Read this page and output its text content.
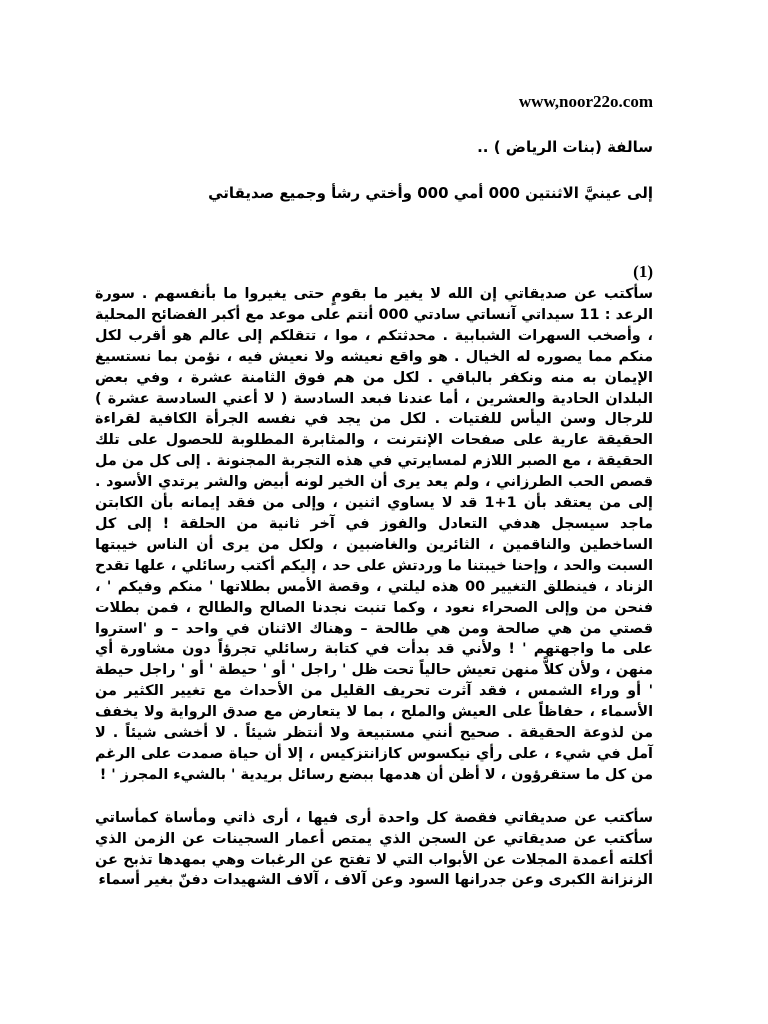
www,noor22o.com

سالفة (بنات الرياض ) ..

إلى عينيَّ الاثنتين 000 أمي 000 وأختي رشأ وجميع صديقاتي

(1)

سأكتب عن صديقاتي إن الله لا يغير ما بقومٍ حتى يغيروا ما بأنفسهم . سورة الرعد : 11 سيداتي آنساتي سادتي 000 أنتم على موعد مع أكبر الفضائح المحلية ، وأصخب السهرات الشبابية . محدثتكم ، موا ، تتقلكم إلى عالم هو أقرب لكل منكم مما يصوره له الخيال . هو واقع نعيشه ولا نعيش فيه ، نؤمن بما نستسيغ الإيمان به منه ونكفر بالباقي . لكل من هم فوق الثامنة عشرة ، وفي بعض البلدان الحادية والعشرين ، أما عندنا فبعد السادسة ( لا أعني السادسة عشرة ) للرجال وسن اليأس للفتيات . لكل من يجد في نفسه الجرأة الكافية لقراءة الحقيقة عارية على صفحات الإنترنت ، والمثابرة المطلوبة للحصول على تلك الحقيقة ، مع الصبر اللازم لمسايرتي في هذه التجربة المجنونة . إلى كل من مل قصص الحب الطرزاني ، ولم يعد يرى أن الخير لونه أبيض والشر يرتدي الأسود . إلى من يعتقد بأن 1+1 قد لا يساوي اثنين ، وإلى من فقد إيمانه بأن الكابتن ماجد سيسجل هدفي التعادل والفوز في آخر ثانية من الحلقة ! إلى كل الساخطين والناقمين ، الثائرين والغاضبين ، ولكل من يرى أن الناس خيبتها السبت والحد ، وإحنا خيبتنا ما وردتش على حد ، إليكم أكتب رسائلي ، علها تقدح الزناد ، فينطلق التغيير 00 هذه ليلتي ، وقصة الأمس بطلاتها ' منكم وفيكم ' ، فنحن من وإلى الصحراء نعود ، وكما تنبت نجدنا الصالح والطالح ، فمن بطلات قصتي من هي صالحة ومن هي طالحة – وهناك الاثنان في واحد – و 'استروا على ما واجهتهم ' ! ولأني قد بدأت في كتابة رسائلي تجرؤاً دون مشاورة أي منهن ، ولأن كلاًّ منهن تعيش حالياً تحت ظل ' راجل ' أو ' حيطة ' أو ' راجل حيطة ' أو وراء الشمس ، فقد آثرت تحريف القليل من الأحداث مع تغيير الكثير من الأسماء ، حفاظاً على العيش والملح ، بما لا يتعارض مع صدق الرواية ولا يخفف من لذوعة الحقيقة . صحيح أنني مستبيعة ولا أنتظر شيئاً . لا أخشى شيئاً . لا آمل في شيء ، على رأي نيكسوس كازانتزكيس ، إلا أن حياة صمدت على الرغم من كل ما ستقرؤون ، لا أظن أن هدمها ببضع رسائل بريدية ' بالشيء المجرز ' !

سأكتب عن صديقاتي فقصة كل واحدة أرى فيها ، أرى ذاتي ومأساة كمأساتي سأكتب عن صديقاتي عن السجن الذي يمتص أعمار السجينات عن الزمن الذي أكلته أعمدة المجلات عن الأبواب التي لا تفتح عن الرغبات وهي بمهدها تذبح عن الزنزانة الكبرى وعن جدرانها السود وعن آلاف ، آلاف الشهيدات دفنّ بغير أسماء
